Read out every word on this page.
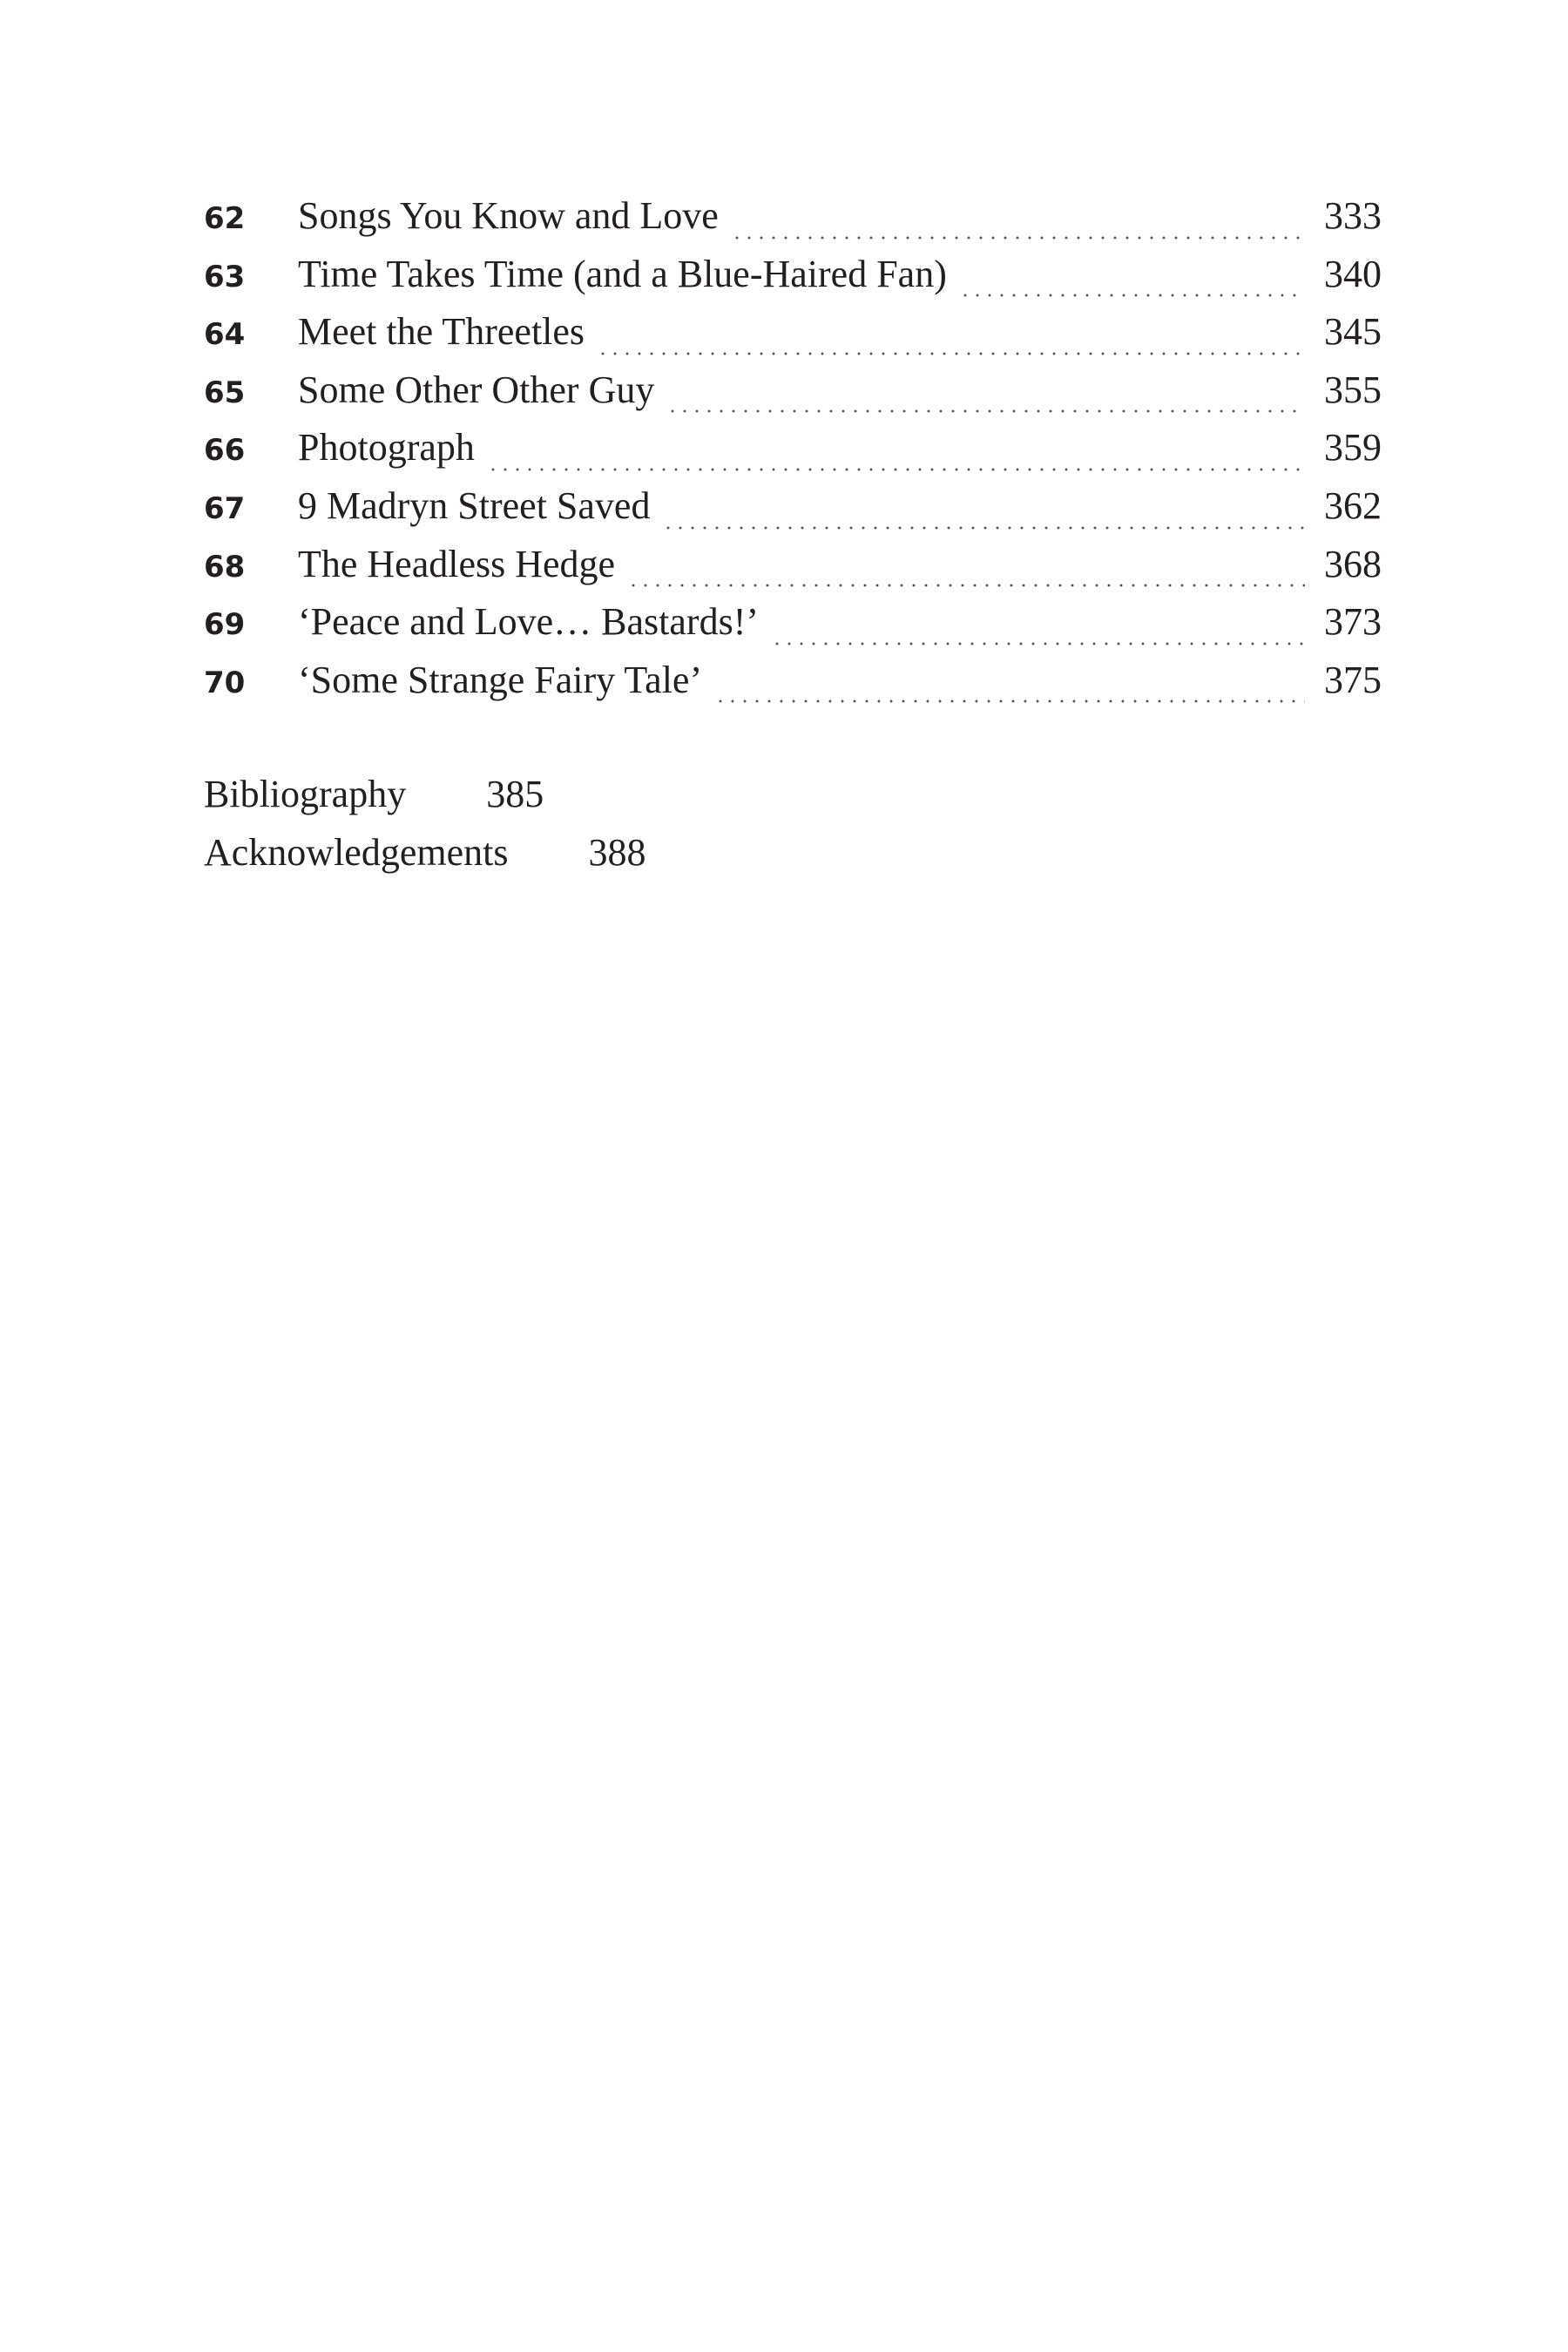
62	Songs You Know and Love	333
63	Time Takes Time (and a Blue-Haired Fan)	340
64	Meet the Threetles	345
65	Some Other Other Guy	355
66	Photograph	359
67	9 Madryn Street Saved	362
68	The Headless Hedge	368
69	‘Peace and Love… Bastards!’	373
70	‘Some Strange Fairy Tale’	375
Bibliography	385
Acknowledgements	388
